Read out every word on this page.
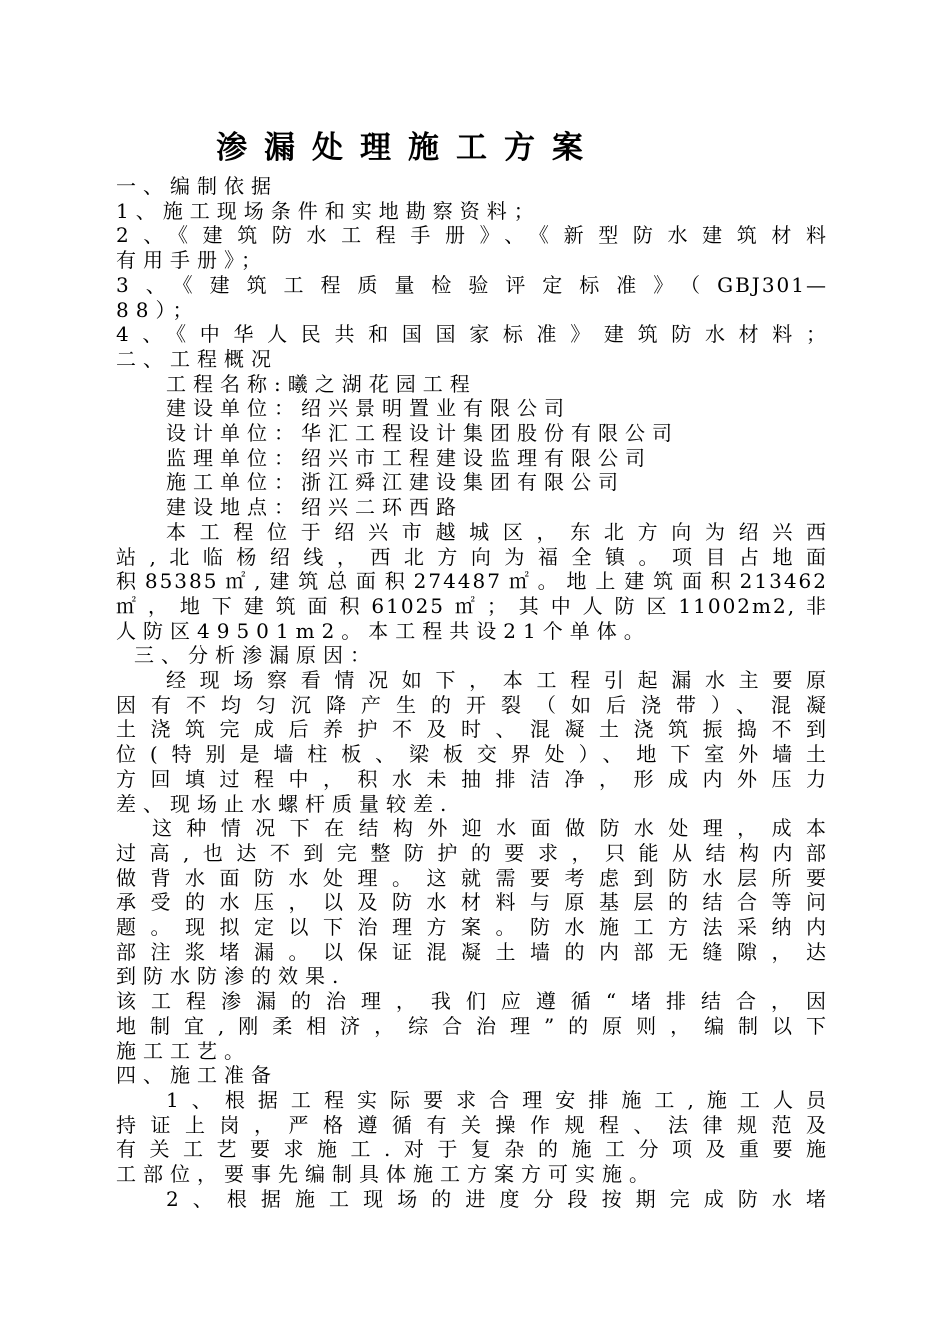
渗漏处理施工方案
一、编制依据
1、施工现场条件和实地勘察资料；
2、《建筑防水工程手册》、《新型防水建筑材料
有用手册》；
3、《建筑工程质量检验评定标准》（GBJ301—
88）；
4、《中华人民共和国国家标准》建筑防水材料；
二、工程概况
工程名称:曦之湖花园工程
建设单位：绍兴景明置业有限公司
设计单位：华汇工程设计集团股份有限公司
监理单位：绍兴市工程建设监理有限公司
施工单位：浙江舜江建设集团有限公司
建设地点：绍兴二环西路
本工程位于绍兴市越城区，东北方向为绍兴西
站,北临杨绍线，西北方向为福全镇。项目占地面
积85385㎡,建筑总面积274487㎡。地上建筑面积213462
㎡，地下建筑面积61025㎡；其中人防区11002m2,非
人防区49501m2。本工程共设21个单体。
三、分析渗漏原因：
经现场察看情况如下，本工程引起漏水主要原
因有不均匀沉降产生的开裂（如后浇带）、混凝
土浇筑完成后养护不及时、混凝土浇筑振捣不到
位(特别是墙柱板、梁板交界处）、地下室外墙土
方回填过程中，积水未抽排洁净，形成内外压力
差、现场止水螺杆质量较差.
这种情况下在结构外迎水面做防水处理，成本
过高,也达不到完整防护的要求，只能从结构内部
做背水面防水处理。这就需要考虑到防水层所要
承受的水压，以及防水材料与原基层的结合等问
题。现拟定以下治理方案。防水施工方法采纳内
部注浆堵漏。以保证混凝土墙的内部无缝隙，达
到防水防渗的效果.
该工程渗漏的治理，我们应遵循“堵排结合，因
地制宜,刚柔相济，综合治理”的原则，编制以下
施工工艺。
四、施工准备
1、根据工程实际要求合理安排施工,施工人员
持证上岗，严格遵循有关操作规程、法律规范及
有关工艺要求施工.对于复杂的施工分项及重要施
工部位，要事先编制具体施工方案方可实施。
2、根据施工现场的进度分段按期完成防水堵
